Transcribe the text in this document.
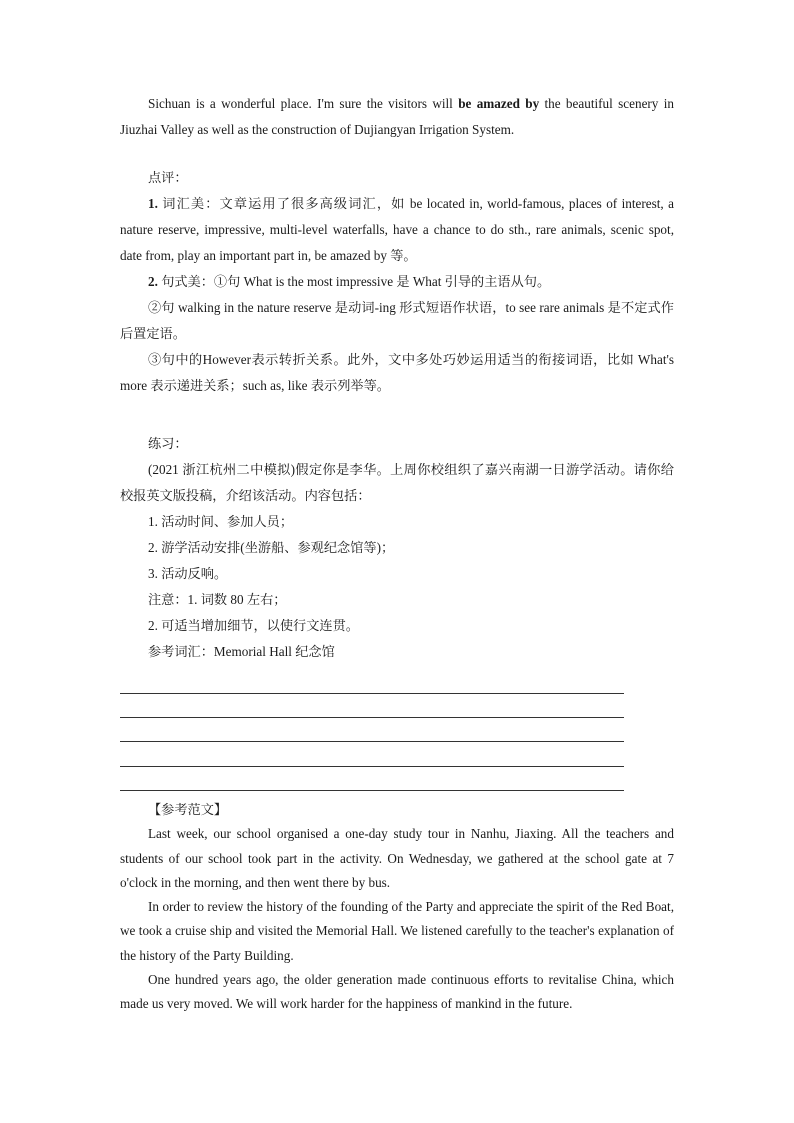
Sichuan is a wonderful place. I'm sure the visitors will be amazed by the beautiful scenery in Jiuzhai Valley as well as the construction of Dujiangyan Irrigation System.

点评：

1. 词汇美：文章运用了很多高级词汇，如 be located in, world-famous, places of interest, a nature reserve, impressive, multi-level waterfalls, have a chance to do sth., rare animals, scenic spot, date from, play an important part in, be amazed by 等。

2. 句式美：①句 What is the most impressive 是 What 引导的主语从句。

②句 walking in the nature reserve 是动词-ing 形式短语作状语，to see rare animals 是不定式作后置定语。

③句中的However表示转折关系。此外，文中多处巧妙运用适当的衔接词语，比如 What's more 表示递进关系；such as, like 表示列举等。

练习：

(2021 浙江杭州二中模拟)假定你是李华。上周你校组织了嘉兴南湖一日游学活动。请你给校报英文版投稿，介绍该活动。内容包括：

1. 活动时间、参加人员；

2. 游学活动安排(坐游船、参观纪念馆等)；

3. 活动反响。

注意：1. 词数 80 左右；

2. 可适当增加细节，以使行文连贯。

参考词汇：Memorial Hall 纪念馆

【参考范文】

Last week, our school organised a one-day study tour in Nanhu, Jiaxing. All the teachers and students of our school took part in the activity. On Wednesday, we gathered at the school gate at 7 o'clock in the morning, and then went there by bus.

In order to review the history of the founding of the Party and appreciate the spirit of the Red Boat, we took a cruise ship and visited the Memorial Hall. We listened carefully to the teacher's explanation of the history of the Party Building.

One hundred years ago, the older generation made continuous efforts to revitalise China, which made us very moved. We will work harder for the happiness of mankind in the future.
